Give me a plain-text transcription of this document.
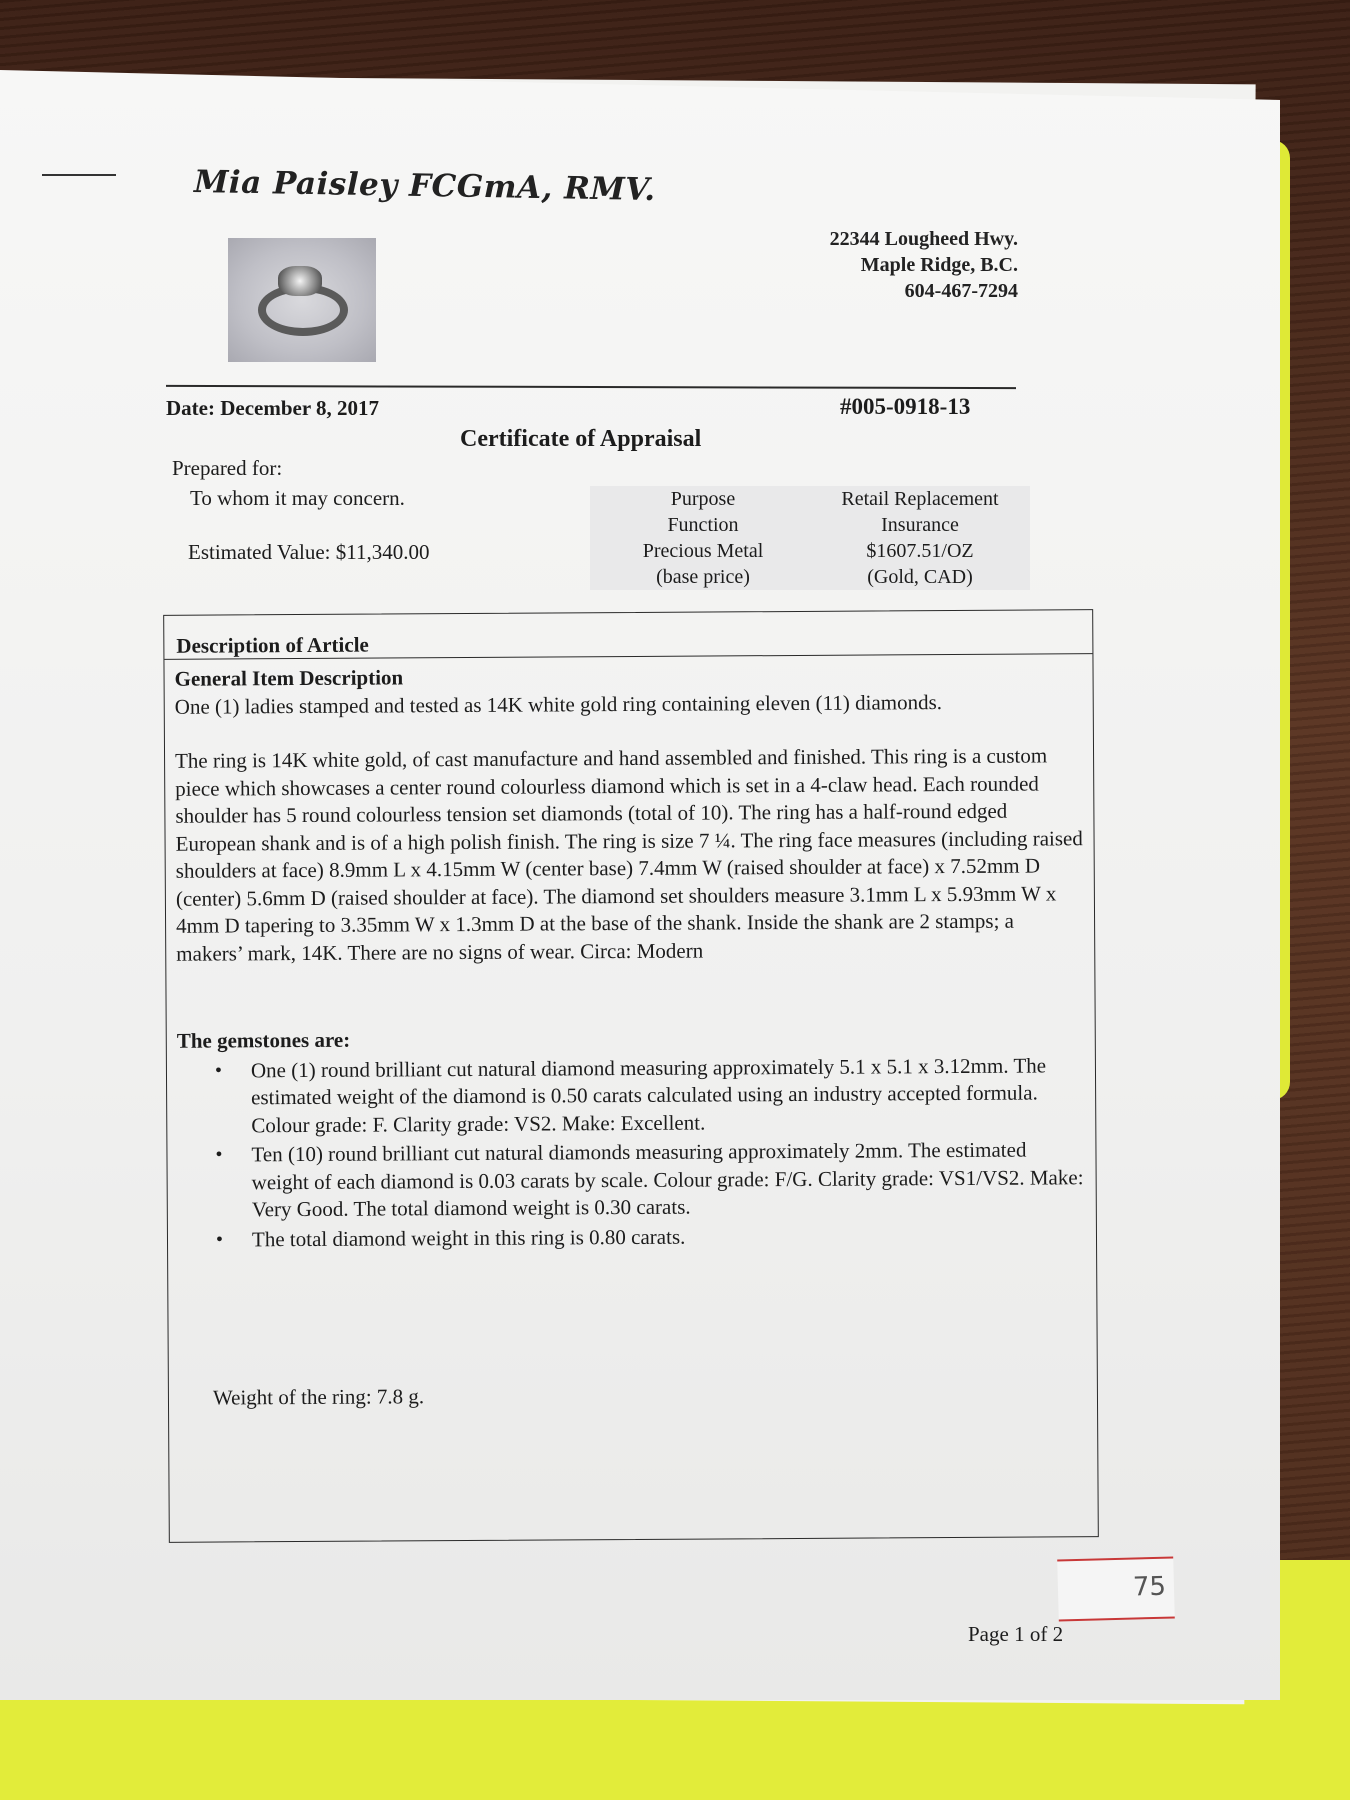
Mia Paisley FCGmA, RMV.
22344 Lougheed Hwy.
Maple Ridge, B.C.
604-467-7294
Date: December 8, 2017	#005-0918-13
Certificate of Appraisal
Prepared for:
To whom it may concern.
Estimated Value: $11,340.00
Purpose	Retail Replacement
Function	Insurance
Precious Metal	$1607.51/OZ
(base price)	(Gold, CAD)
Description of Article
General Item Description
One (1) ladies stamped and tested as 14K white gold ring containing eleven (11) diamonds.
The ring is 14K white gold, of cast manufacture and hand assembled and finished. This ring is a custom piece which showcases a center round colourless diamond which is set in a 4-claw head. Each rounded shoulder has 5 round colourless tension set diamonds (total of 10). The ring has a half-round edged European shank and is of a high polish finish. The ring is size 7 ¼. The ring face measures (including raised shoulders at face) 8.9mm L x 4.15mm W (center base) 7.4mm W (raised shoulder at face) x 7.52mm D (center) 5.6mm D (raised shoulder at face). The diamond set shoulders measure 3.1mm L x 5.93mm W x 4mm D tapering to 3.35mm W x 1.3mm D at the base of the shank. Inside the shank are 2 stamps; a makers’ mark, 14K. There are no signs of wear. Circa: Modern
The gemstones are:
• One (1) round brilliant cut natural diamond measuring approximately 5.1 x 5.1 x 3.12mm. The estimated weight of the diamond is 0.50 carats calculated using an industry accepted formula. Colour grade: F. Clarity grade: VS2. Make: Excellent.
• Ten (10) round brilliant cut natural diamonds measuring approximately 2mm. The estimated weight of each diamond is 0.03 carats by scale. Colour grade: F/G. Clarity grade: VS1/VS2. Make: Very Good. The total diamond weight is 0.30 carats.
• The total diamond weight in this ring is 0.80 carats.
Weight of the ring: 7.8 g.
Page 1 of 2
75
